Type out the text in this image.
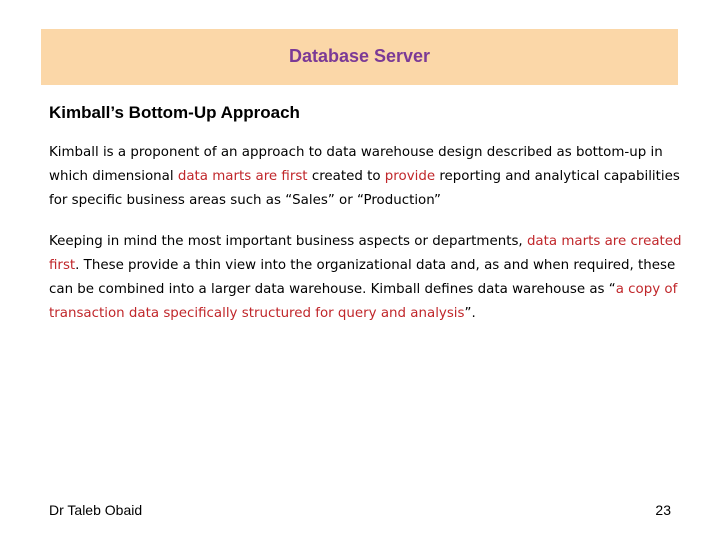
Database Server
Kimball’s Bottom-Up Approach

Kimball is a proponent of an approach to data warehouse design described as bottom-up in which dimensional data marts are first created to provide reporting and analytical capabilities for specific business areas such as “Sales” or “Production”

Keeping in mind the most important business aspects or departments, data marts are created first. These provide a thin view into the organizational data and, as and when required, these can be combined into a larger data warehouse. Kimball defines data warehouse as “a copy of transaction data specifically structured for query and analysis”.

Dr Taleb Obaid	23
